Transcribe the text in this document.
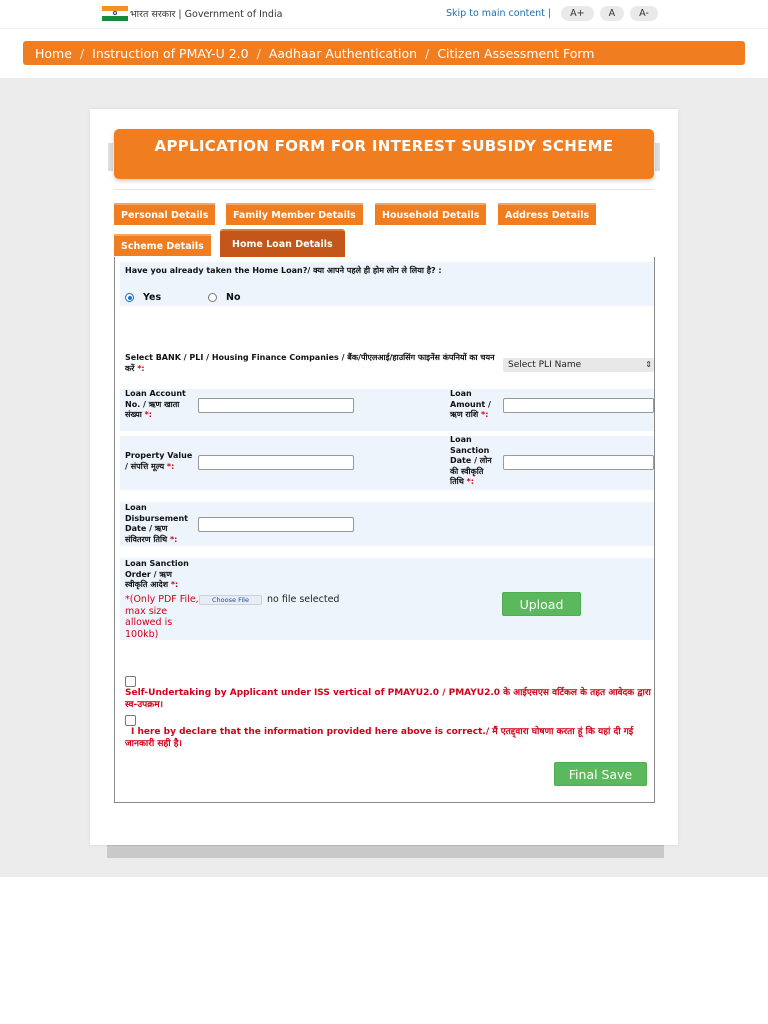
भारत सरकार | Government of India	Skip to main content |	A+	A	A-
Home / Instruction of PMAY-U 2.0 / Aadhaar Authentication / Citizen Assessment Form
APPLICATION FORM FOR INTEREST SUBSIDY SCHEME
Personal Details	Family Member Details	Household Details	Address Details
Scheme Details	Home Loan Details
Have you already taken the Home Loan?/ क्या आपने पहले ही होम लोन ले लिया है? :
Yes	No
Select BANK / PLI / Housing Finance Companies / बैंक/पीएलआई/हाउसिंग फाइनेंस कंपनियों का चयन करें *:	Select PLI Name	⇕
Loan Account No. / ऋण खाता संख्या *:
Loan Amount / ऋण राशि *:
Property Value / संपत्ति मूल्य *:
Loan Sanction Date / लोन की स्वीकृति तिथि *:
Loan Disbursement Date / ऋण संवितरण तिथि *:
Loan Sanction Order / ऋण स्वीकृति आदेश *:
*(Only PDF File, max size allowed is 100kb)
Choose File	no file selected	Upload
Self-Undertaking by Applicant under ISS vertical of PMAYU2.0 / PMAYU2.0 के आईएसएस वर्टिकल के तहत आवेदक द्वारा स्व-उपक्रम।
I here by declare that the information provided here above is correct./ मैं एतद्द्वारा घोषणा करता हूं कि यहां दी गई जानकारी सही है।
Final Save
